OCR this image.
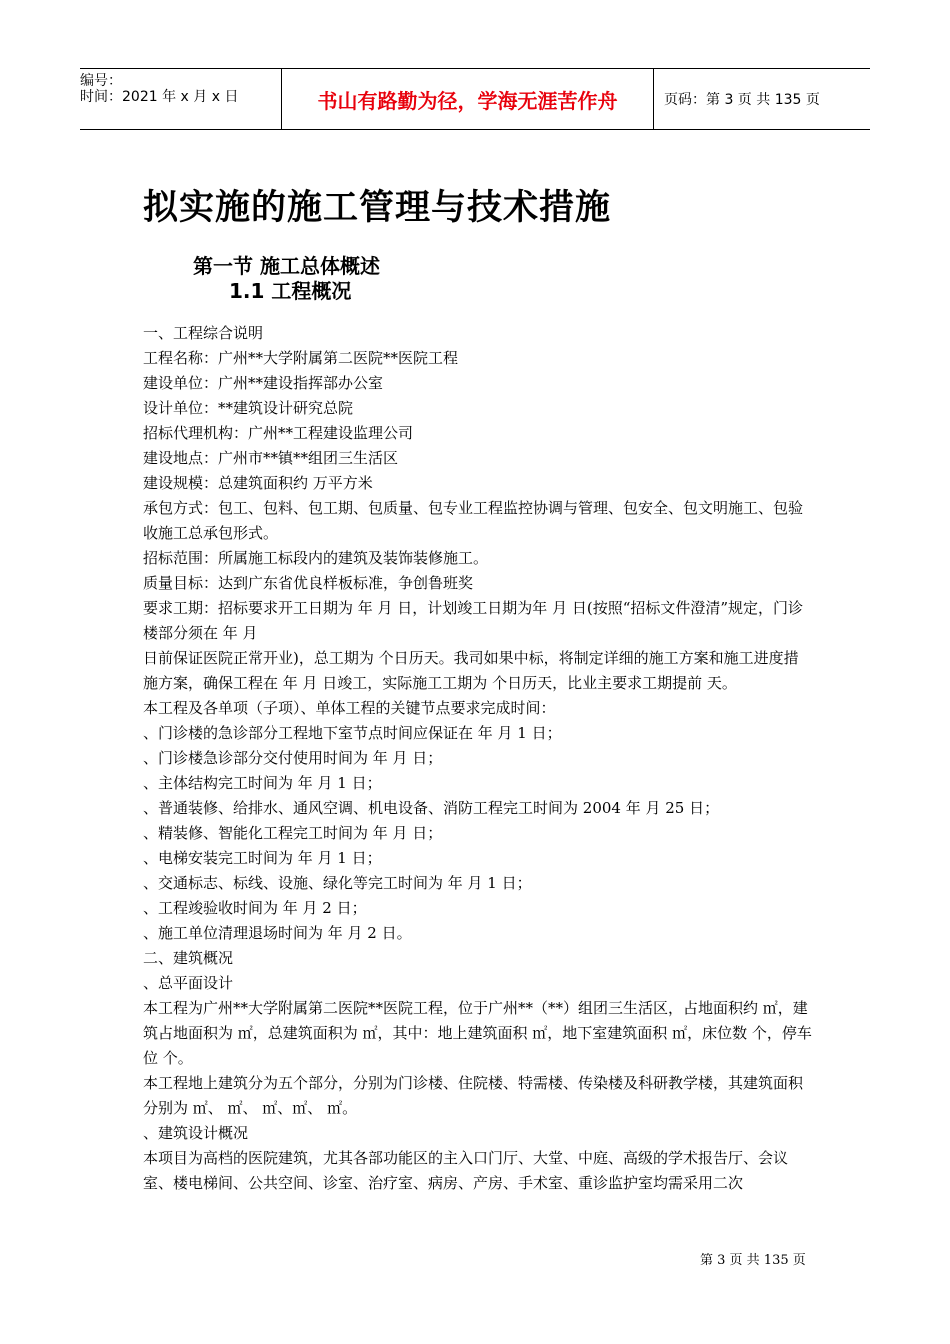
编号：
时间：2021 年 x 月 x 日	书山有路勤为径，学海无涯苦作舟	页码：第 3 页 共 135 页
拟实施的施工管理与技术措施
第一节 施工总体概述
1.1 工程概况

一、工程综合说明

工程名称：广州**大学附属第二医院**医院工程

建设单位：广州**建设指挥部办公室

设计单位：**建筑设计研究总院

招标代理机构：广州**工程建设监理公司

建设地点：广州市**镇**组团三生活区

建设规模：总建筑面积约 万平方米

承包方式：包工、包料、包工期、包质量、包专业工程监控协调与管理、包安全、包文明施工、包验收施工总承包形式。

招标范围：所属施工标段内的建筑及装饰装修施工。

质量目标：达到广东省优良样板标准，争创鲁班奖

要求工期：招标要求开工日期为 年 月 日，计划竣工日期为年 月 日(按照“招标文件澄清”规定，门诊楼部分须在 年 月

日前保证医院正常开业)，总工期为 个日历天。我司如果中标，将制定详细的施工方案和施工进度措施方案，确保工程在 年 月 日竣工，实际施工工期为 个日历天，比业主要求工期提前 天。

本工程及各单项（子项）、单体工程的关键节点要求完成时间：

、门诊楼的急诊部分工程地下室节点时间应保证在 年 月 1 日；

、门诊楼急诊部分交付使用时间为 年 月 日；

、主体结构完工时间为 年 月 1 日；

、普通装修、给排水、通风空调、机电设备、消防工程完工时间为 2004 年 月 25 日；

、精装修、智能化工程完工时间为 年 月 日；

、电梯安装完工时间为 年 月 1 日；

、交通标志、标线、设施、绿化等完工时间为 年 月 1 日；

、工程竣验收时间为 年 月 2 日；

、施工单位清理退场时间为 年 月 2 日。

二、建筑概况

、总平面设计

本工程为广州**大学附属第二医院**医院工程，位于广州**（**）组团三生活区，占地面积约 ㎡，建筑占地面积为 ㎡，总建筑面积为 ㎡，其中：地上建筑面积 ㎡，地下室建筑面积 ㎡，床位数 个，停车位 个。

本工程地上建筑分为五个部分，分别为门诊楼、住院楼、特需楼、传染楼及科研教学楼，其建筑面积分别为 ㎡、 ㎡、 ㎡、㎡、 ㎡。

、建筑设计概况

本项目为高档的医院建筑，尤其各部功能区的主入口门厅、大堂、中庭、高级的学术报告厅、会议室、楼电梯间、公共空间、诊室、治疗室、病房、产房、手术室、重诊监护室均需采用二次

第 3 页 共 135 页
